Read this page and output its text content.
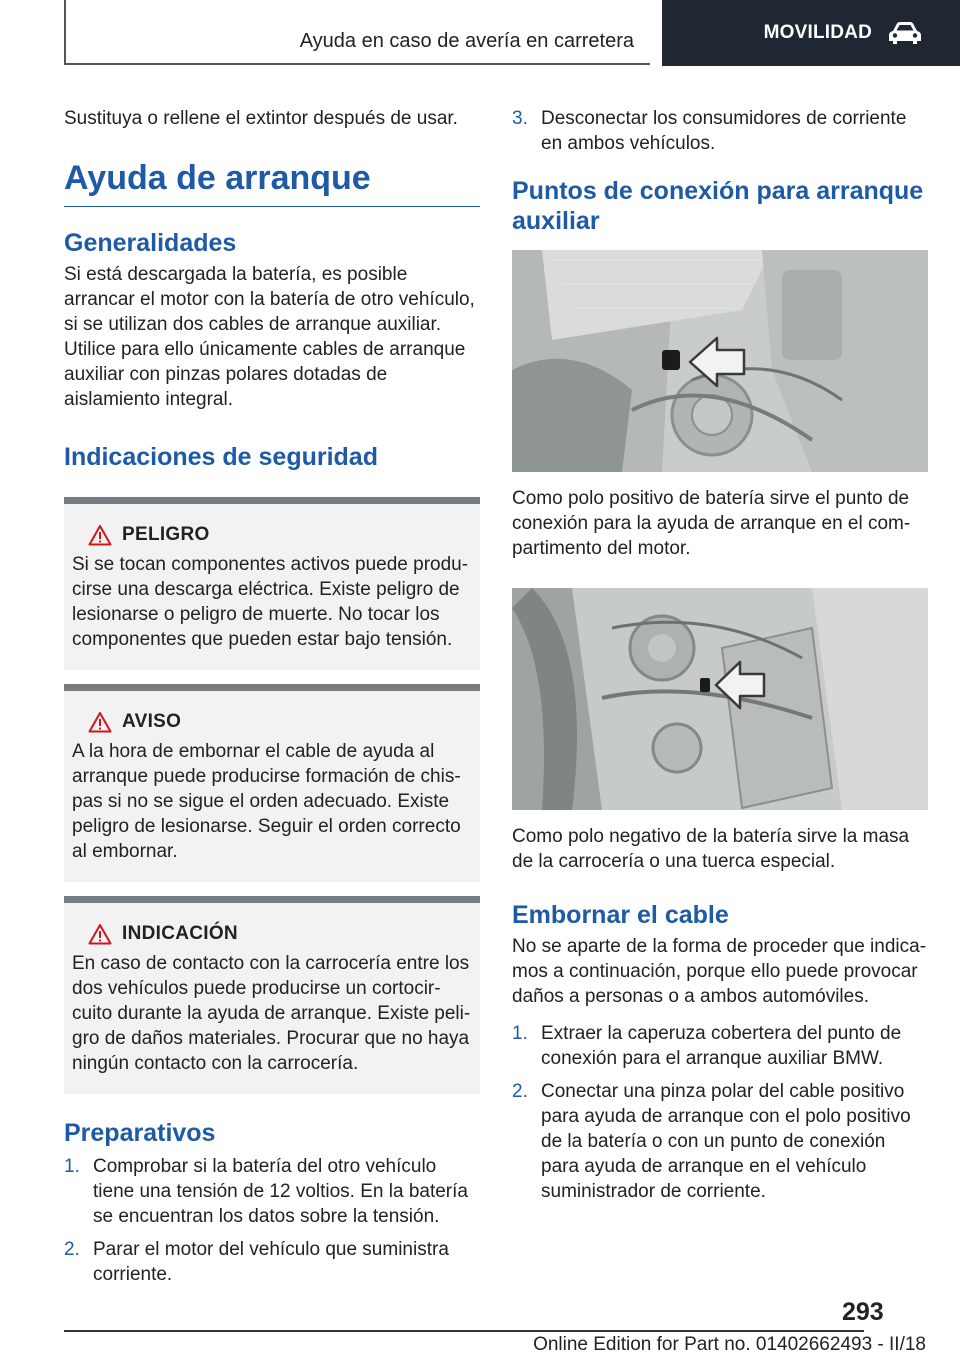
Ayuda en caso de avería en carretera	MOVILIDAD

Sustituya o rellene el extintor después de usar.

Ayuda de arranque
Generalidades

Si está descargada la batería, es posible arrancar el motor con la batería de otro vehículo, si se utilizan dos cables de arranque auxiliar. Utilice para ello únicamente cables de arranque auxiliar con pinzas polares dotadas de aislamiento integral.

Indicaciones de seguridad
PELIGRO

Si se tocan componentes activos puede producirse una descarga eléctrica. Existe peligro de lesionarse o peligro de muerte. No tocar los componentes que pueden estar bajo tensión.

AVISO

A la hora de embornar el cable de ayuda al arranque puede producirse formación de chispas si no se sigue el orden adecuado. Existe peligro de lesionarse. Seguir el orden correcto al embornar.

INDICACIÓN

En caso de contacto con la carrocería entre los dos vehículos puede producirse un cortocircuito durante la ayuda de arranque. Existe peligro de daños materiales. Procurar que no haya ningún contacto con la carrocería.

Preparativos
1. Comprobar si la batería del otro vehículo tiene una tensión de 12 voltios. En la batería se encuentran los datos sobre la tensión.
2. Parar el motor del vehículo que suministra corriente.
3. Desconectar los consumidores de corriente en ambos vehículos.
Puntos de conexión para arranque auxiliar

Como polo positivo de batería sirve el punto de conexión para la ayuda de arranque en el compartimento del motor.

Como polo negativo de la batería sirve la masa de la carrocería o una tuerca especial.

Embornar el cable

No se aparte de la forma de proceder que indicamos a continuación, porque ello puede provocar daños a personas o a ambos automóviles.

1. Extraer la caperuza cobertera del punto de conexión para el arranque auxiliar BMW.
2. Conectar una pinza polar del cable positivo para ayuda de arranque con el polo positivo de la batería o con un punto de conexión para ayuda de arranque en el vehículo suministrador de corriente.
293
Online Edition for Part no. 01402662493 - II/18
